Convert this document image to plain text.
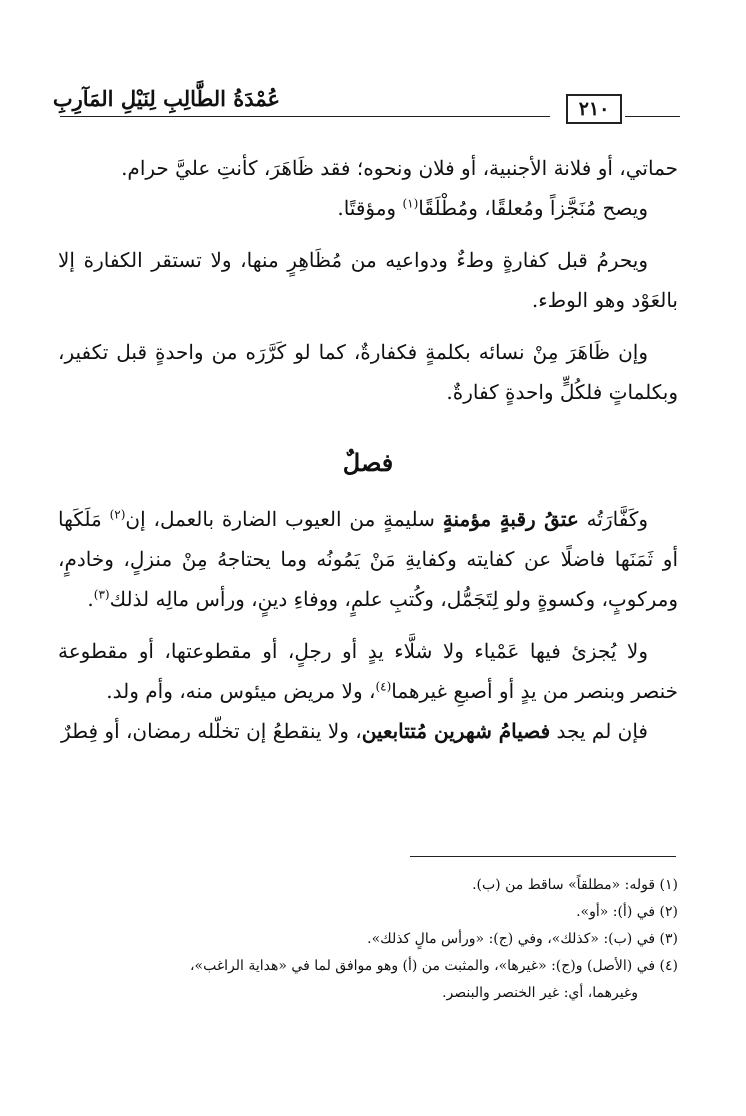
٢١٠
عُمْدَةُ الطَّالِبِ لِنَيْلِ المَآرِبِ

حماتي، أو فلانة الأجنبية، أو فلان ونحوه؛ فقد ظَاهَرَ، كأنتِ عليَّ حرام.

ويصح مُنَجَّزاً ومُعلقًا، ومُطْلَقًا$^{(١)}$ ومؤقتًا.

ويحرمُ قبل كفارةٍ وطءٌ ودواعيه من مُظَاهِرٍ منها، ولا تستقر الكفارة إلا بالعَوْد وهو الوطء.

وإن ظَاهَرَ مِنْ نسائه بكلمةٍ فكفارةٌ، كما لو كَرَّرَه من واحدةٍ قبل تكفير، وبكلماتٍ فلكُلٍّ واحدةٍ كفارةٌ.

فصلٌ

وكَفَّارَتُه عتقُ رقبةٍ مؤمنةٍ سليمةٍ من العيوب الضارة بالعمل، إن$^{(٢)}$ مَلَكَها أو ثَمَنَها فاضلًا عن كفايته وكفايةِ مَنْ يَمُونُه وما يحتاجهُ مِنْ منزلٍ، وخادمٍ، ومركوبٍ، وكسوةٍ ولو لِتَجَمُّل، وكُتبِ علمٍ، ووفاءِ دينٍ، ورأس مالِه لذلك$^{(٣)}$.

ولا يُجزئ فيها عَمْياء ولا شلَّاء يدٍ أو رجلٍ، أو مقطوعتها، أو مقطوعة خنصر وبنصر من يدٍ أو أصبعِ غيرهما$^{(٤)}$، ولا مريض ميئوس منه، وأم ولد.

فإن لم يجد فصيامُ شهرين مُتتابعين، ولا ينقطعُ إن تخلّله رمضان، أو فِطرٌ

(١) قوله: «مطلقاً» ساقط من (ب).

(٢) في (أ): «أو».

(٣) في (ب): «كذلك»، وفي (ج): «ورأس مالٍ كذلك».

(٤) في (الأصل) و(ج): «غيرها»، والمثبت من (أ) وهو موافق لما في «هداية الراغب»،

وغيرهما، أي: غير الخنصر والبنصر.
